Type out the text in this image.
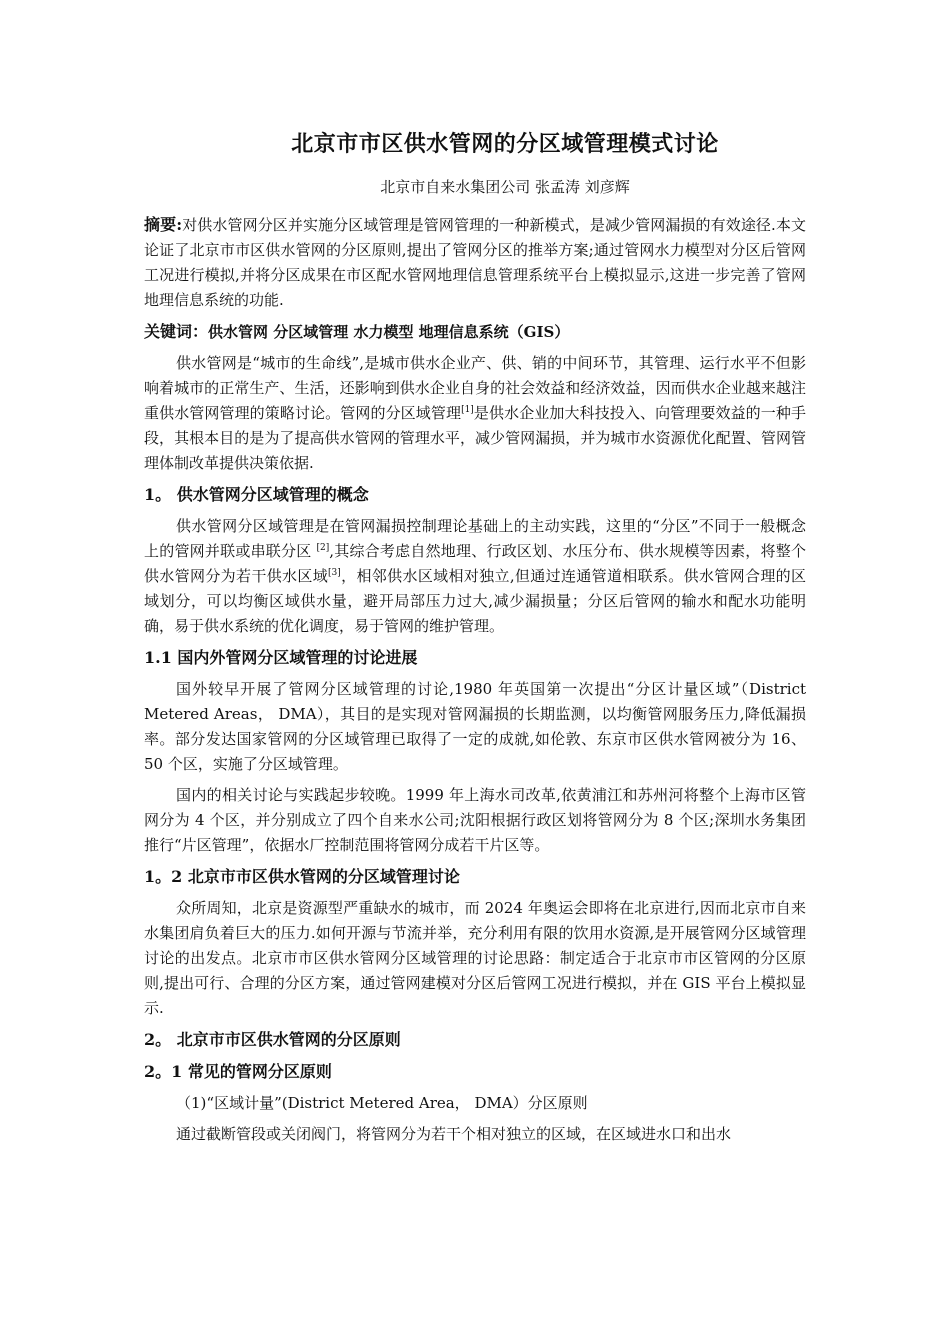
北京市市区供水管网的分区域管理模式讨论
北京市自来水集团公司 张孟涛 刘彦辉
摘要:对供水管网分区并实施分区域管理是管网管理的一种新模式，是减少管网漏损的有效途径.本文论证了北京市市区供水管网的分区原则,提出了管网分区的推举方案;通过管网水力模型对分区后管网工况进行模拟,并将分区成果在市区配水管网地理信息管理系统平台上模拟显示,这进一步完善了管网地理信息系统的功能.
关键词：供水管网 分区域管理 水力模型 地理信息系统（GIS）

供水管网是“城市的生命线”,是城市供水企业产、供、销的中间环节，其管理、运行水平不但影响着城市的正常生产、生活，还影响到供水企业自身的社会效益和经济效益，因而供水企业越来越注重供水管网管理的策略讨论。管网的分区域管理[1]是供水企业加大科技投入、向管理要效益的一种手段，其根本目的是为了提高供水管网的管理水平，减少管网漏损，并为城市水资源优化配置、管网管理体制改革提供决策依据.

1。 供水管网分区域管理的概念

供水管网分区域管理是在管网漏损控制理论基础上的主动实践，这里的“分区”不同于一般概念上的管网并联或串联分区 [2],其综合考虑自然地理、行政区划、水压分布、供水规模等因素，将整个供水管网分为若干供水区域[3]，相邻供水区域相对独立,但通过连通管道相联系。供水管网合理的区域划分，可以均衡区域供水量，避开局部压力过大,减少漏损量；分区后管网的输水和配水功能明确，易于供水系统的优化调度，易于管网的维护管理。

1.1 国内外管网分区域管理的讨论进展

国外较早开展了管网分区域管理的讨论,1980 年英国第一次提出“分区计量区域”（District Metered Areas， DMA），其目的是实现对管网漏损的长期监测，以均衡管网服务压力,降低漏损率。部分发达国家管网的分区域管理已取得了一定的成就,如伦敦、东京市区供水管网被分为 16、50 个区，实施了分区域管理。

国内的相关讨论与实践起步较晚。1999 年上海水司改革,依黄浦江和苏州河将整个上海市区管网分为 4 个区，并分别成立了四个自来水公司;沈阳根据行政区划将管网分为 8 个区;深圳水务集团推行“片区管理”，依据水厂控制范围将管网分成若干片区等。

1。2 北京市市区供水管网的分区域管理讨论

众所周知，北京是资源型严重缺水的城市，而 2024 年奥运会即将在北京进行,因而北京市自来水集团肩负着巨大的压力.如何开源与节流并举，充分利用有限的饮用水资源,是开展管网分区域管理讨论的出发点。北京市市区供水管网分区域管理的讨论思路：制定适合于北京市市区管网的分区原则,提出可行、合理的分区方案，通过管网建模对分区后管网工况进行模拟，并在 GIS 平台上模拟显示.

2。 北京市市区供水管网的分区原则
2。1 常见的管网分区原则

（1)“区域计量”(District Metered Area， DMA）分区原则

通过截断管段或关闭阀门，将管网分为若干个相对独立的区域，在区域进水口和出水
